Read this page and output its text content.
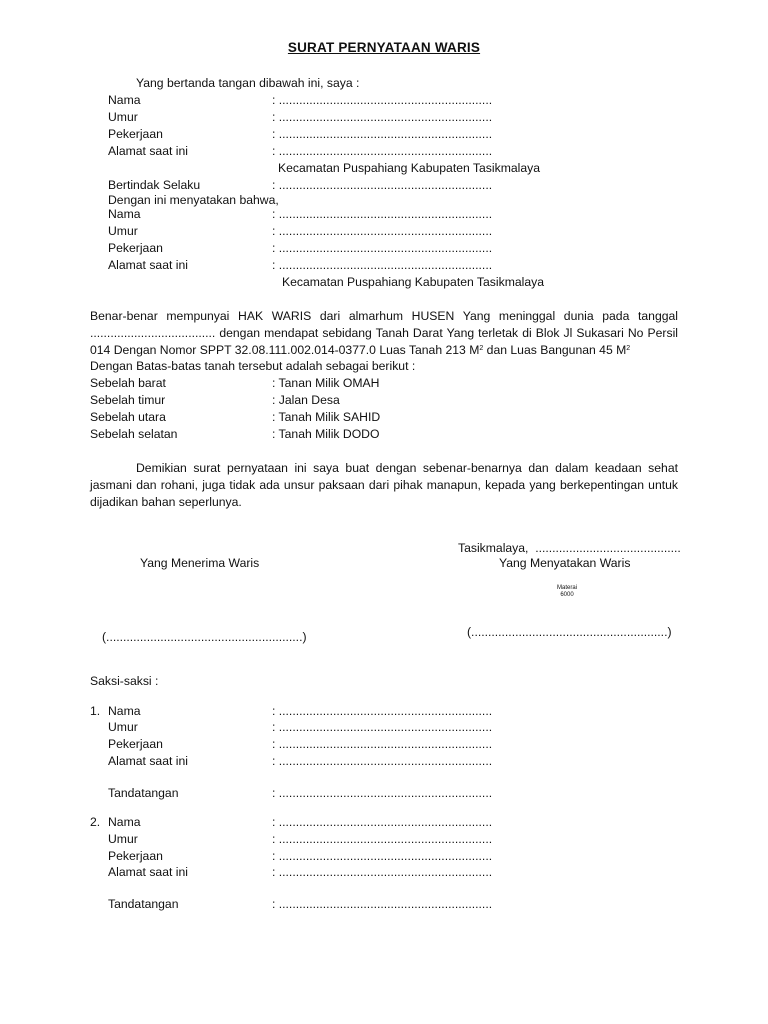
SURAT PERNYATAAN WARIS
Yang bertanda tangan dibawah ini, saya :
Nama	: ...............................................................
Umur	: ...............................................................
Pekerjaan	: ...............................................................
Alamat saat ini	: ...............................................................
Kecamatan Puspahiang Kabupaten Tasikmalaya
Bertindak Selaku	: ...............................................................
Dengan ini menyatakan bahwa,
Nama	: ...............................................................
Umur	: ...............................................................
Pekerjaan	: ...............................................................
Alamat saat ini	: ...............................................................
Kecamatan Puspahiang Kabupaten Tasikmalaya
Benar-benar mempunyai HAK WARIS dari almarhum HUSEN Yang meninggal dunia pada tanggal ..................................... dengan mendapat sebidang Tanah Darat Yang terletak di Blok Jl Sukasari No Persil 014 Dengan Nomor SPPT 32.08.111.002.014-0377.0 Luas Tanah 213 $M^2$ dan Luas Bangunan 45 $M^2$
Dengan Batas-batas tanah tersebut adalah sebagai berikut :
Sebelah barat	: Tanan Milik OMAH
Sebelah timur	: Jalan Desa
Sebelah utara	: Tanah Milik SAHID
Sebelah selatan	: Tanah Milik DODO
Demikian surat pernyataan ini saya buat dengan sebenar-benarnya dan dalam keadaan sehat jasmani dan rohani, juga tidak ada unsur paksaan dari pihak manapun, kepada yang berkepentingan untuk dijadikan bahan seperlunya.
Tasikmalaya,  ...........................................
Yang Menerima Waris	Yang Menyatakan Waris
Materai
6000
(..........................................................)	(..........................................................)
Saksi-saksi :
1. Nama	: ...............................................................
Umur	: ...............................................................
Pekerjaan	: ...............................................................
Alamat saat ini	: ...............................................................
Tandatangan	: ...............................................................
2. Nama	: ...............................................................
Umur	: ...............................................................
Pekerjaan	: ...............................................................
Alamat saat ini	: ...............................................................
Tandatangan	: ...............................................................
